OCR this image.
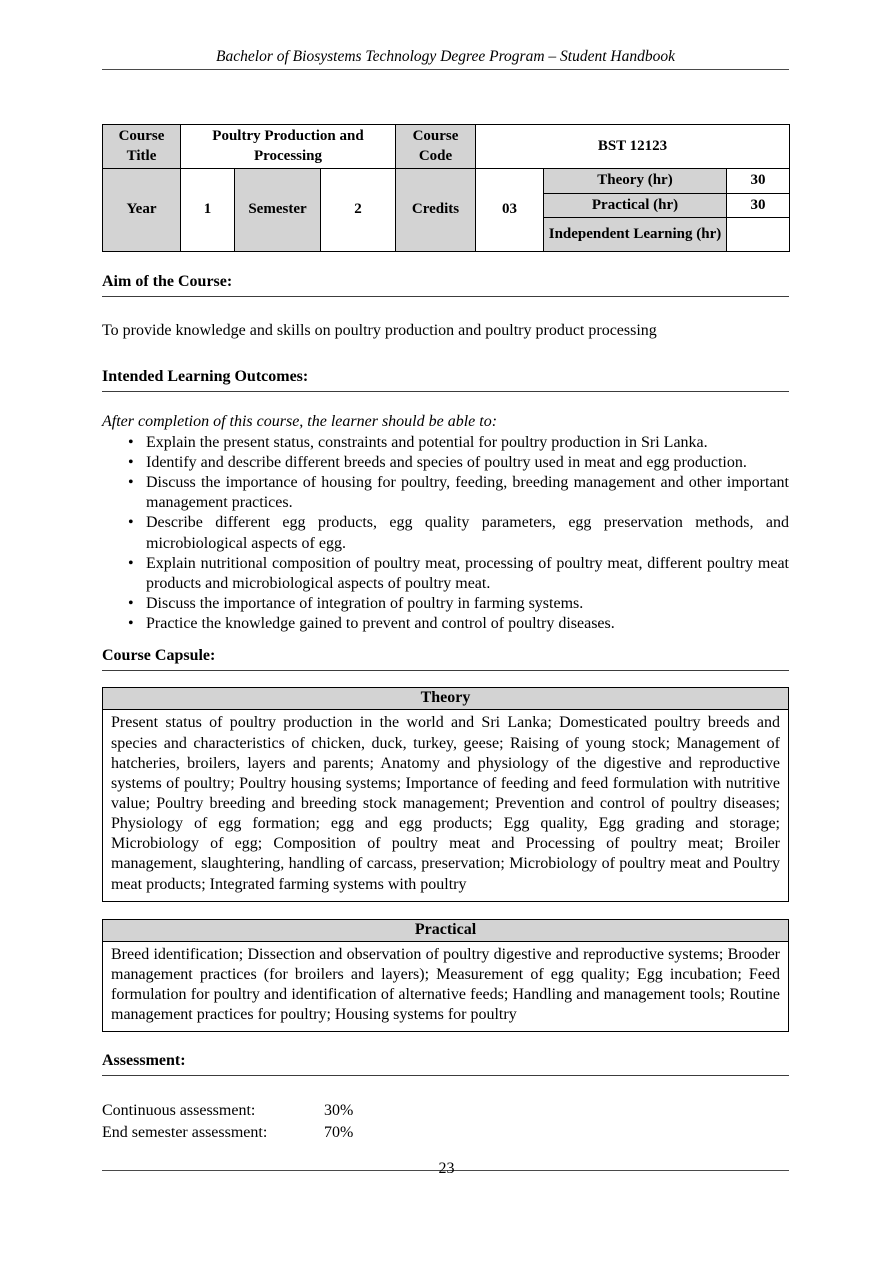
Bachelor of Biosystems Technology Degree Program – Student Handbook
Course Title	Poultry Production and Processing			Course Code	BST 12123		
Year	1	Semester	2	Credits	03	Theory (hr)	30
						Practical (hr)	30
						Independent Learning (hr)	
Aim of the Course:

To provide knowledge and skills on poultry production and poultry product processing

Intended Learning Outcomes:

After completion of this course, the learner should be able to:

• Explain the present status, constraints and potential for poultry production in Sri Lanka.
• Identify and describe different breeds and species of poultry used in meat and egg production.
• Discuss the importance of housing for poultry, feeding, breeding management and other important management practices.
• Describe different egg products, egg quality parameters, egg preservation methods, and microbiological aspects of egg.
• Explain nutritional composition of poultry meat, processing of poultry meat, different poultry meat products and microbiological aspects of poultry meat.
• Discuss the importance of integration of poultry in farming systems.
• Practice the knowledge gained to prevent and control of poultry diseases.
Course Capsule:
Theory
Present status of poultry production in the world and Sri Lanka; Domesticated poultry breeds and species and characteristics of chicken, duck, turkey, geese; Raising of young stock; Management of hatcheries, broilers, layers and parents; Anatomy and physiology of the digestive and reproductive systems of poultry; Poultry housing systems; Importance of feeding and feed formulation with nutritive value; Poultry breeding and breeding stock management; Prevention and control of poultry diseases; Physiology of egg formation; egg and egg products; Egg quality, Egg grading and storage; Microbiology of egg; Composition of poultry meat and Processing of poultry meat; Broiler management, slaughtering, handling of carcass, preservation; Microbiology of poultry meat and Poultry meat products; Integrated farming systems with poultry
Practical
Breed identification; Dissection and observation of poultry digestive and reproductive systems; Brooder management practices (for broilers and layers); Measurement of egg quality; Egg incubation; Feed formulation for poultry and identification of alternative feeds; Handling and management tools; Routine management practices for poultry; Housing systems for poultry
Assessment:
Continuous assessment:	30%
End semester assessment:	70%
23
